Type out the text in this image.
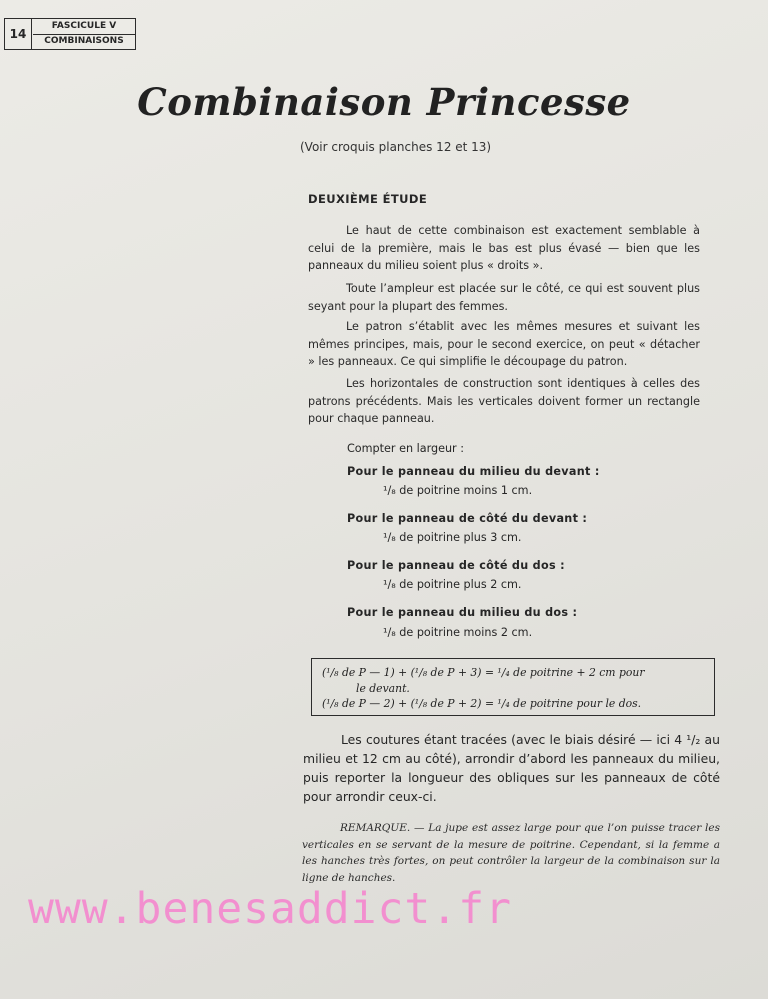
14
FASCICULE V
COMBINAISONS
Combinaison Princesse
(Voir croquis planches 12 et 13)
DEUXIÈME ÉTUDE

Le haut de cette combinaison est exactement semblable à celui de la première, mais le bas est plus évasé — bien que les panneaux du milieu soient plus « droits ».

Toute l’ampleur est placée sur le côté, ce qui est souvent plus seyant pour la plupart des femmes.

Le patron s’établit avec les mêmes mesures et suivant les mêmes principes, mais, pour le second exercice, on peut « détacher » les panneaux. Ce qui simplifie le découpage du patron.

Les horizontales de construction sont identiques à celles des patrons précédents. Mais les verticales doivent former un rectangle pour chaque panneau.

Compter en largeur :
Pour le panneau du milieu du devant :
¹/₈ de poitrine moins 1 cm.
Pour le panneau de côté du devant :
¹/₈ de poitrine plus 3 cm.
Pour le panneau de côté du dos :
¹/₈ de poitrine plus 2 cm.
Pour le panneau du milieu du dos :
¹/₈ de poitrine moins 2 cm.
(¹/₈ de P — 1) + (¹/₈ de P + 3) = ¹/₄ de poitrine + 2 cm pour
le devant.
(¹/₈ de P — 2) + (¹/₈ de P + 2) = ¹/₄ de poitrine pour le dos.

Les coutures étant tracées (avec le biais désiré — ici 4 ¹/₂ au milieu et 12 cm au côté), arrondir d’abord les panneaux du milieu, puis reporter la longueur des obliques sur les panneaux de côté pour arrondir ceux-ci.

REMARQUE. — La jupe est assez large pour que l’on puisse tracer les verticales en se servant de la mesure de poitrine. Cependant, si la femme a les hanches très fortes, on peut contrôler la largeur de la combinaison sur la ligne de hanches.

www.benesaddict.fr
